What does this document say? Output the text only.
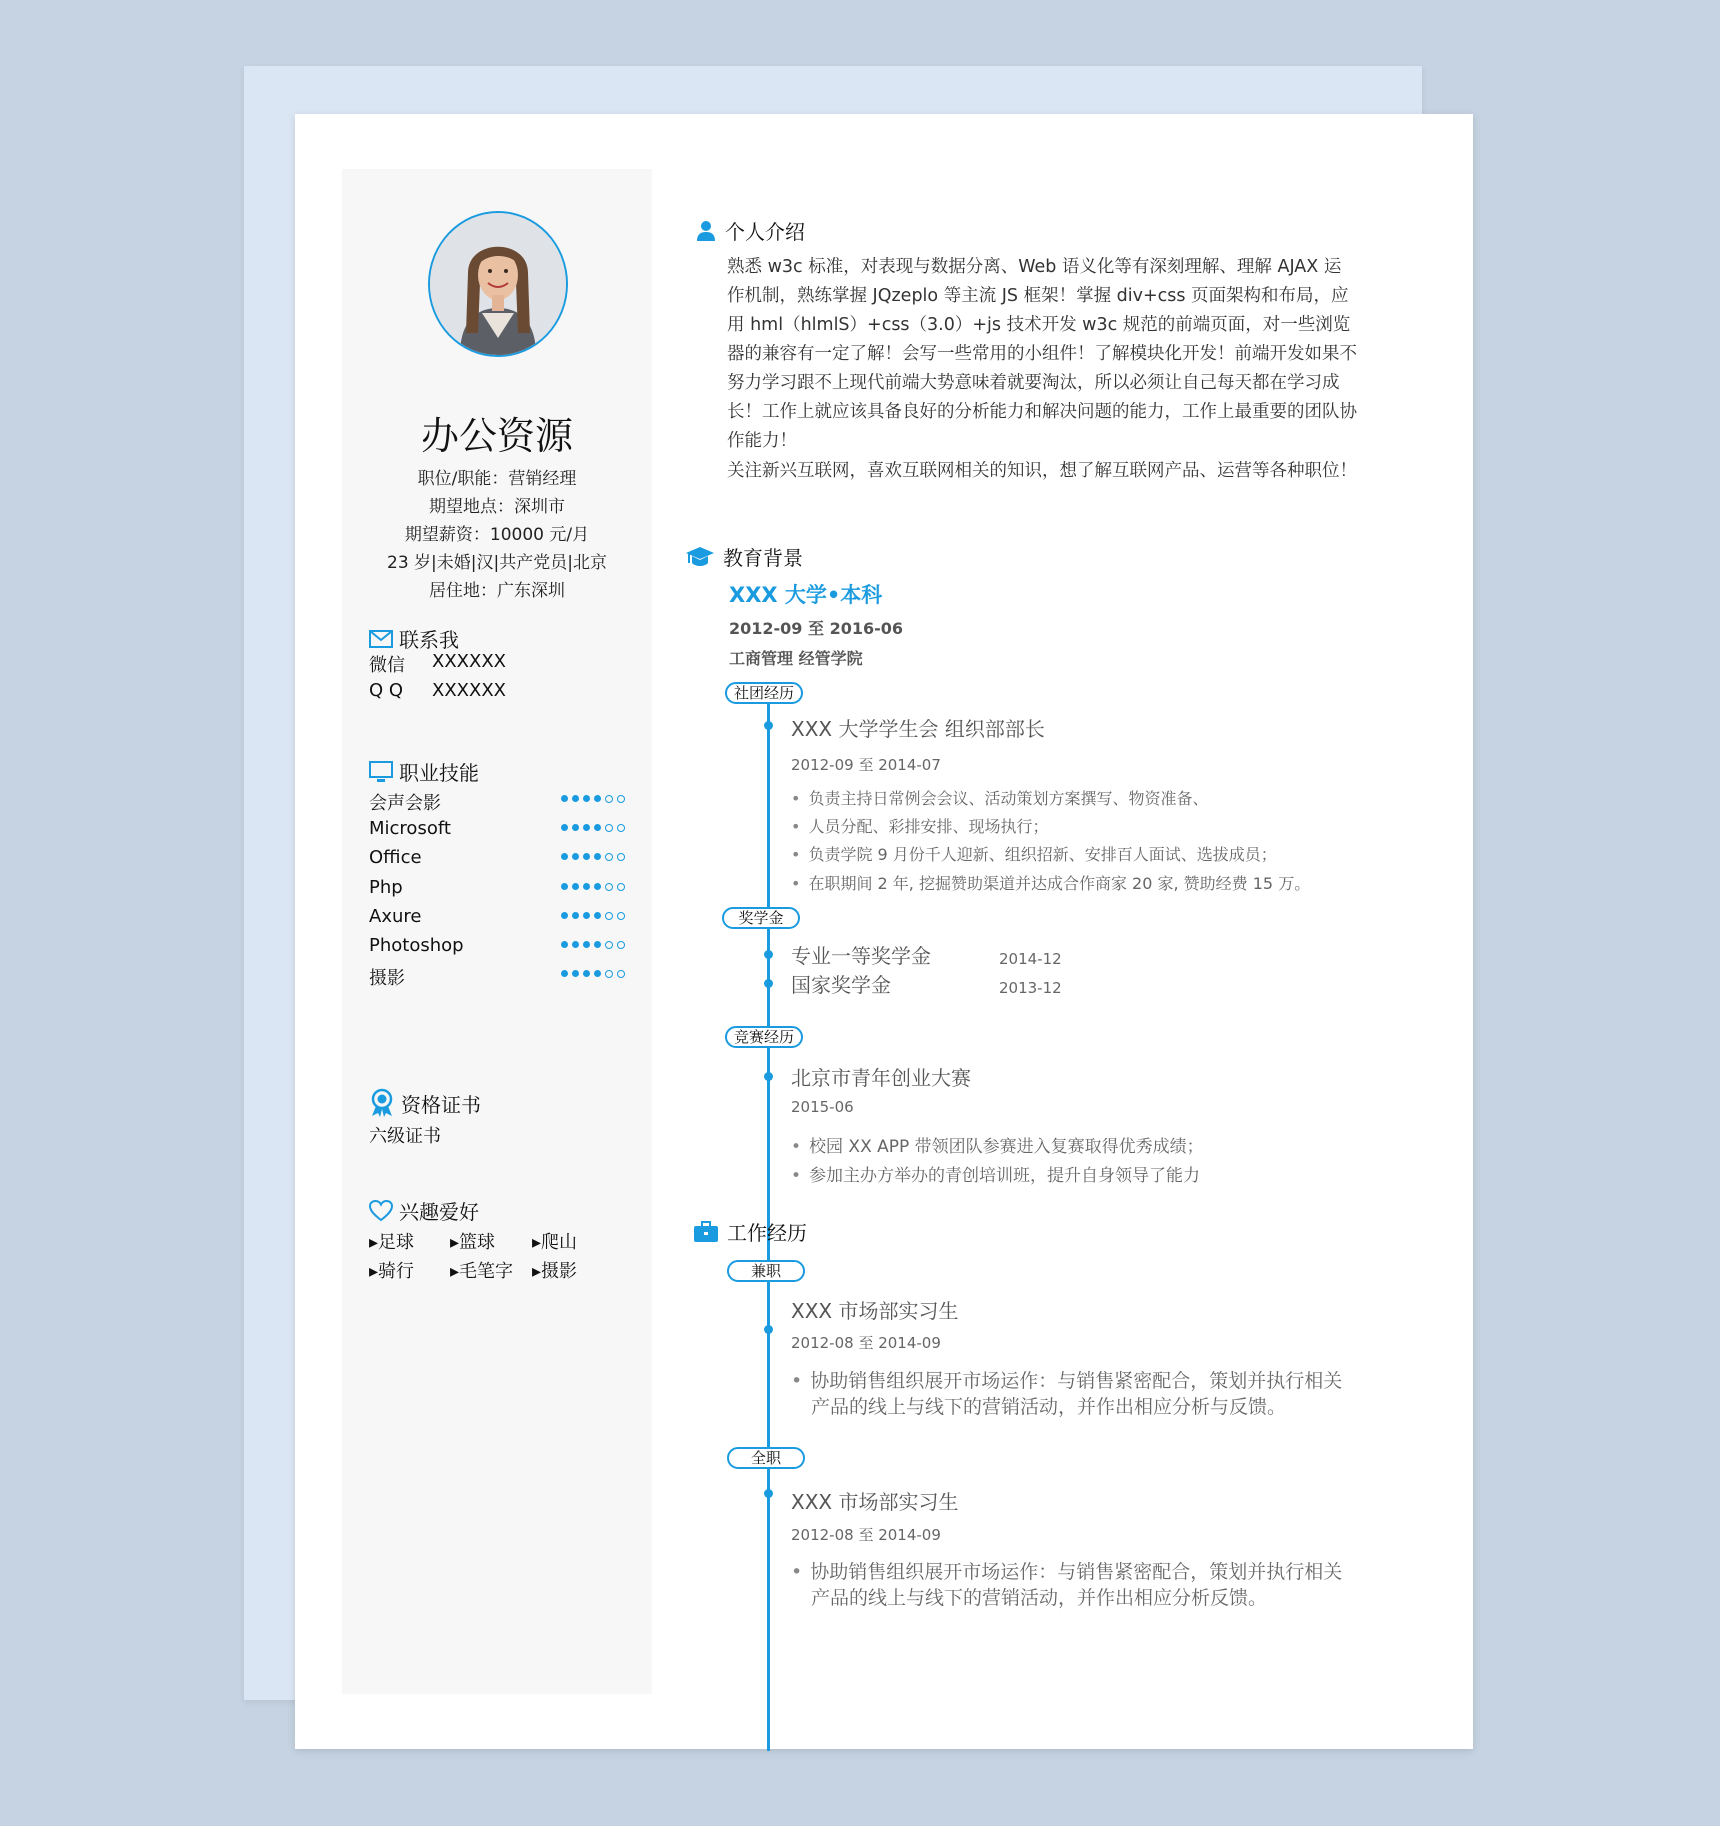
办公资源
职位/职能：营销经理
期望地点：深圳市
期望薪资：10000 元/月
23 岁|未婚|汉|共产党员|北京
居住地：广东深圳
联系我
微信 XXXXXX
Q Q XXXXXX
职业技能
资格证书
六级证书
兴趣爱好
▸足球 ▸篮球 ▸爬山
▸骑行 ▸毛笔字 ▸摄影
会声会影
Microsoft
Office
Php
Axure
Photoshop
摄影
个人介绍

熟悉 w3c 标准，对表现与数据分离、Web 语义化等有深刻理解、理解 AJAX 运作机制，熟练掌握 JQzeplo 等主流 JS 框架！掌握 div+css 页面架构和布局，应用 hml（hlmlS）+css（3.0）+js 技术开发 w3c 规范的前端页面，对一些浏览器的兼容有一定了解！会写一些常用的小组件！了解模块化开发！前端开发如果不努力学习跟不上现代前端大势意味着就要淘汰，所以必须让自己每天都在学习成长！工作上就应该具备良好的分析能力和解决问题的能力，工作上最重要的团队协作能力！

关注新兴互联网，喜欢互联网相关的知识，想了解互联网产品、运营等各种职位！

教育背景
XXX 大学•本科
2012-09 至 2016-06
工商管理 经管学院
社团经历
XXX 大学学生会 组织部部长
2012-09 至 2014-07
• 负责主持日常例会会议、活动策划方案撰写、物资准备、
• 人员分配、彩排安排、现场执行；
• 负责学院 9 月份千人迎新、组织招新、安排百人面试、选拔成员；
• 在职期间 2 年, 挖掘赞助渠道并达成合作商家 20 家, 赞助经费 15 万。
奖学金
专业一等奖学金	2014-12
国家奖学金	2013-12
竞赛经历
北京市青年创业大赛
2015-06
• 校园 XX APP 带领团队参赛进入复赛取得优秀成绩；
• 参加主办方举办的青创培训班，提升自身领导了能力
工作经历
兼职
XXX 市场部实习生
2012-08 至 2014-09

• 协助销售组织展开市场运作：与销售紧密配合，策划并执行相关产品的线上与线下的营销活动，并作出相应分析与反馈。

全职
XXX 市场部实习生
2012-08 至 2014-09

• 协助销售组织展开市场运作：与销售紧密配合，策划并执行相关产品的线上与线下的营销活动，并作出相应分析反馈。
